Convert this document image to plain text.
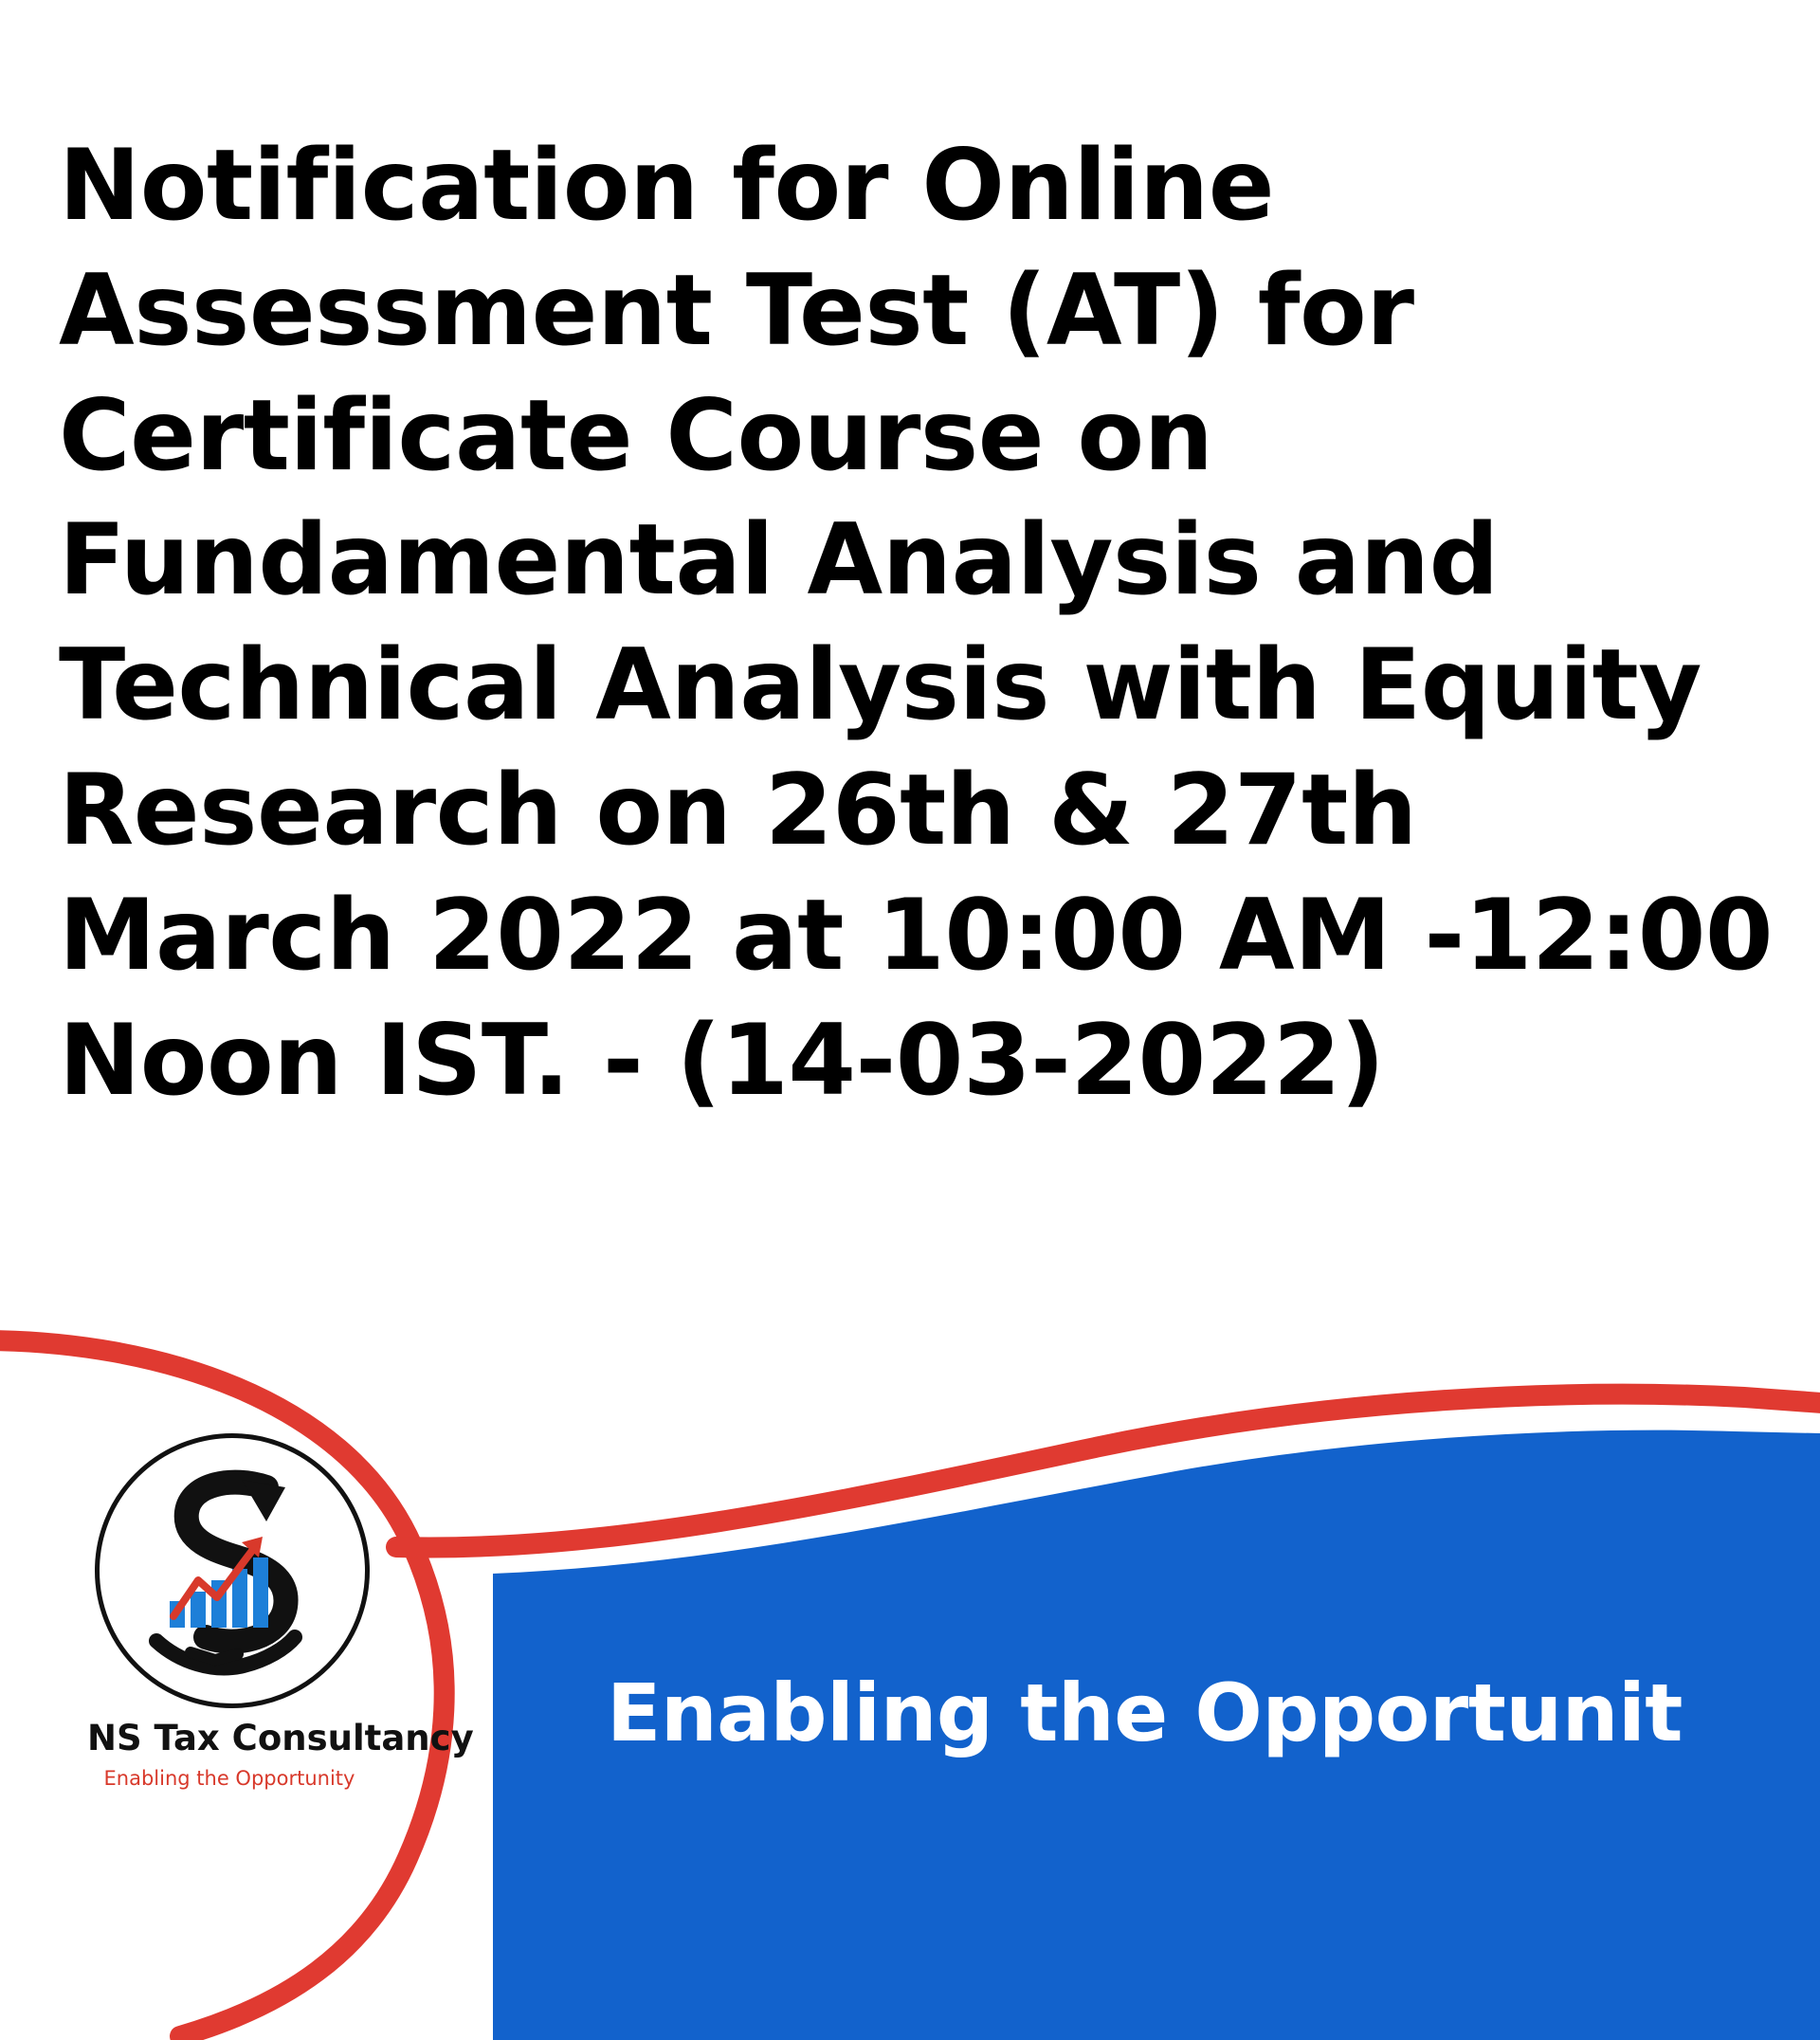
Notification for Online Assessment Test (AT) for Certificate Course on Fundamental Analysis and Technical Analysis with Equity Research on 26th & 27th March 2022 at 10:00 AM -12:00 Noon IST. - (14-03-2022)
Enabling the Opportunit
NS Tax Consultancy
Enabling the Opportunity
